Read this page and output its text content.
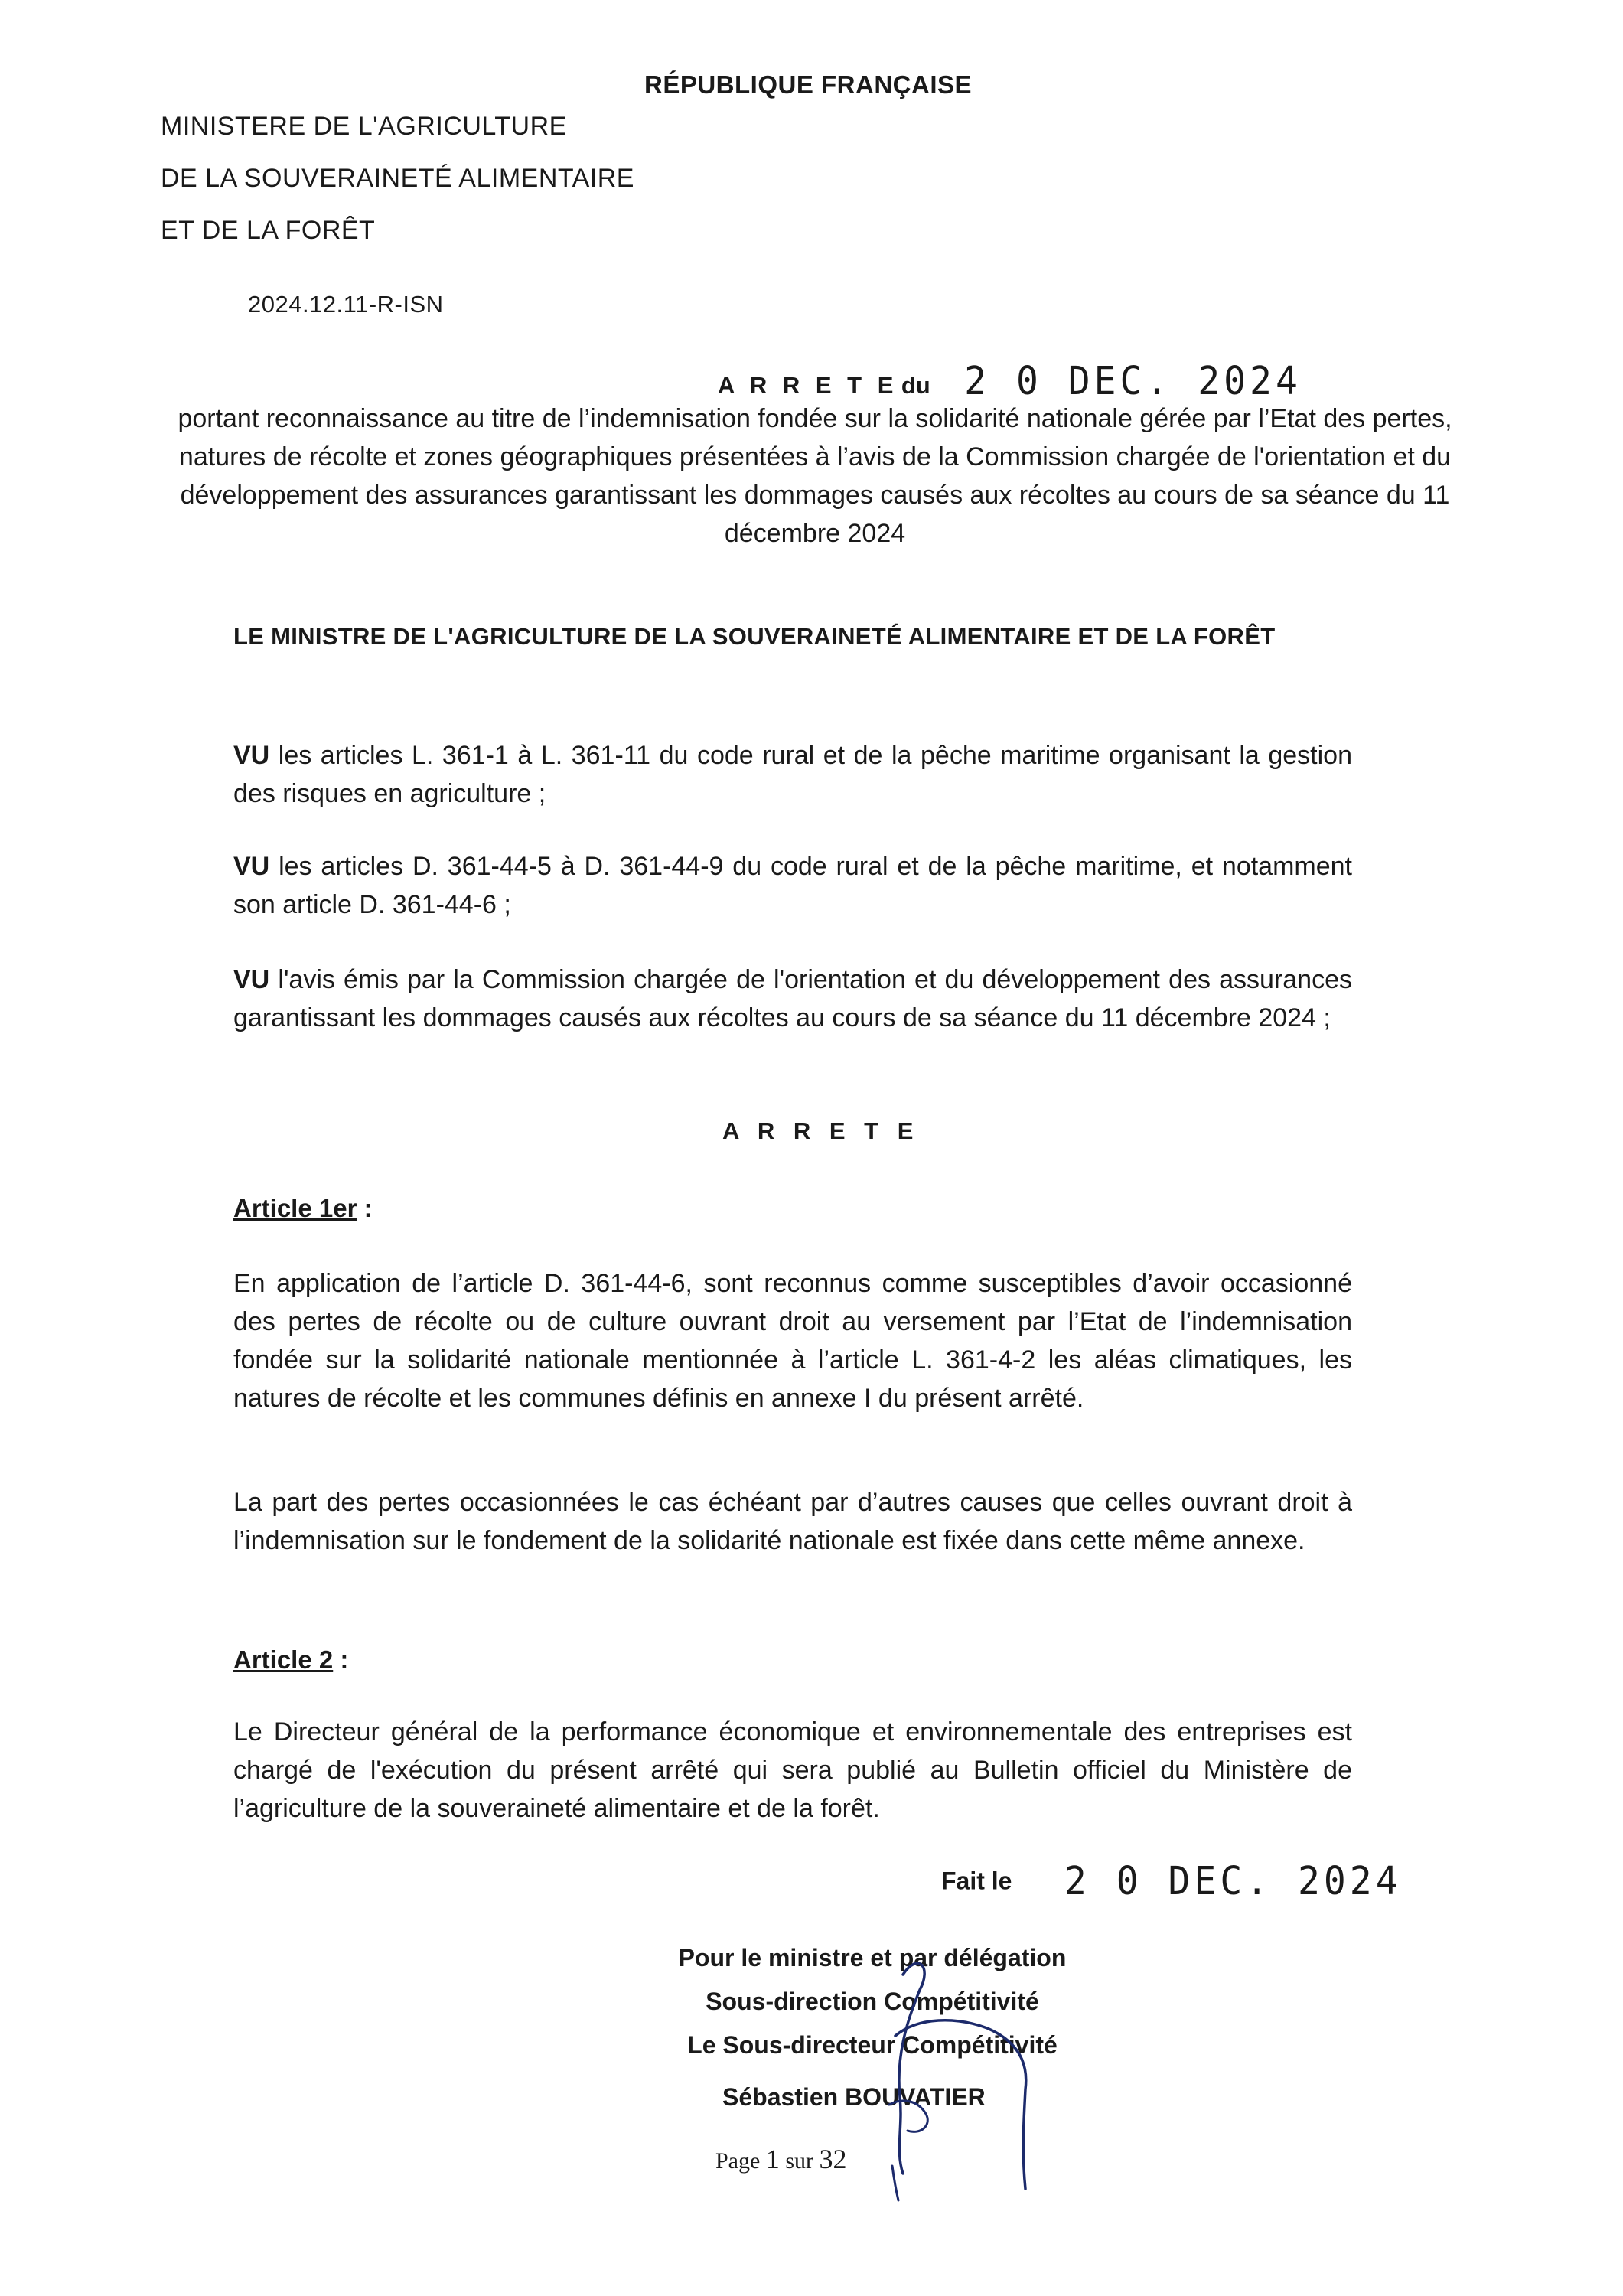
RÉPUBLIQUE FRANÇAISE
MINISTERE DE L'AGRICULTURE
DE LA SOUVERAINETÉ ALIMENTAIRE
ET DE LA FORÊT
2024.12.11-R-ISN
A R R E T E du 2 0 DEC. 2024
portant reconnaissance au titre de l’indemnisation fondée sur la solidarité nationale gérée par l’Etat des pertes, natures de récolte et zones géographiques présentées à l’avis de la Commission chargée de l'orientation et du développement des assurances garantissant les dommages causés aux récoltes au cours de sa séance du 11 décembre 2024
LE MINISTRE DE L'AGRICULTURE DE LA SOUVERAINETÉ ALIMENTAIRE ET DE LA FORÊT
VU les articles L. 361-1 à L. 361-11 du code rural et de la pêche maritime organisant la gestion des risques en agriculture ;
VU les articles D. 361-44-5 à D. 361-44-9 du code rural et de la pêche maritime, et notamment son article D. 361-44-6 ;
VU l'avis émis par la Commission chargée de l'orientation et du développement des assurances garantissant les dommages causés aux récoltes au cours de sa séance du 11 décembre 2024 ;
A R R E T E
Article 1er :
En application de l’article D. 361-44-6, sont reconnus comme susceptibles d’avoir occasionné des pertes de récolte ou de culture ouvrant droit au versement par l’Etat de l’indemnisation fondée sur la solidarité nationale mentionnée à l’article L. 361-4-2 les aléas climatiques, les natures de récolte et les communes définis en annexe I du présent arrêté.
La part des pertes occasionnées le cas échéant par d’autres causes que celles ouvrant droit à l’indemnisation sur le fondement de la solidarité nationale est fixée dans cette même annexe.
Article 2 :
Le Directeur général de la performance économique et environnementale des entreprises est chargé de l'exécution du présent arrêté qui sera publié au Bulletin officiel du Ministère de l’agriculture de la souveraineté alimentaire et de la forêt.
Fait le 2 0 DEC. 2024
Pour le ministre et par délégation
Sous-direction Compétitivité
Le Sous-directeur Compétitivité
Sébastien BOUVATIER
Page 1 sur 32
